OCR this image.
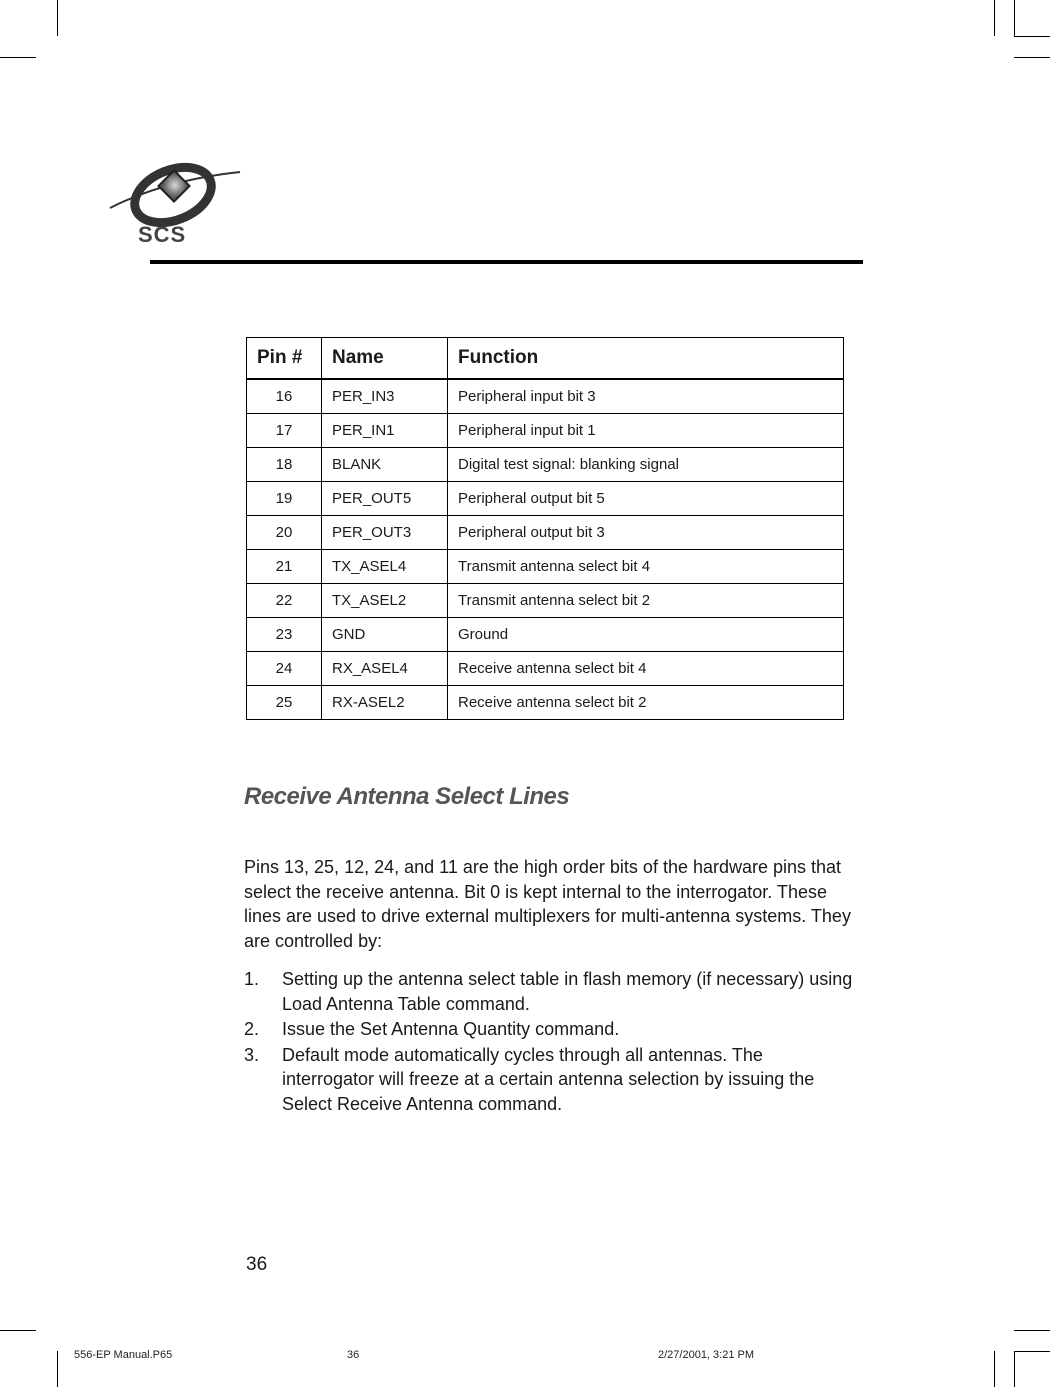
SCS
Pin #	Name	Function
16	PER_IN3	Peripheral input bit 3
17	PER_IN1	Peripheral input bit 1
18	BLANK	Digital test signal: blanking signal
19	PER_OUT5	Peripheral output bit 5
20	PER_OUT3	Peripheral output bit 3
21	TX_ASEL4	Transmit antenna select bit 4
22	TX_ASEL2	Transmit antenna select bit 2
23	GND	Ground
24	RX_ASEL4	Receive antenna select bit 4
25	RX-ASEL2	Receive antenna select bit 2
Receive Antenna Select Lines

Pins 13, 25, 12, 24, and 11 are the high order bits of the hardware pins that select the receive antenna. Bit 0 is kept internal to the interrogator. These lines are used to drive external multiplexers for multi-antenna systems. They are controlled by:

1. Setting up the antenna select table in flash memory (if necessary) using Load Antenna Table command.
2. Issue the Set Antenna Quantity command.
3. Default mode automatically cycles through all antennas. The interrogator will freeze at a certain antenna selection by issuing the Select Receive Antenna command.
36
556-EP Manual.P65	36	2/27/2001, 3:21 PM
